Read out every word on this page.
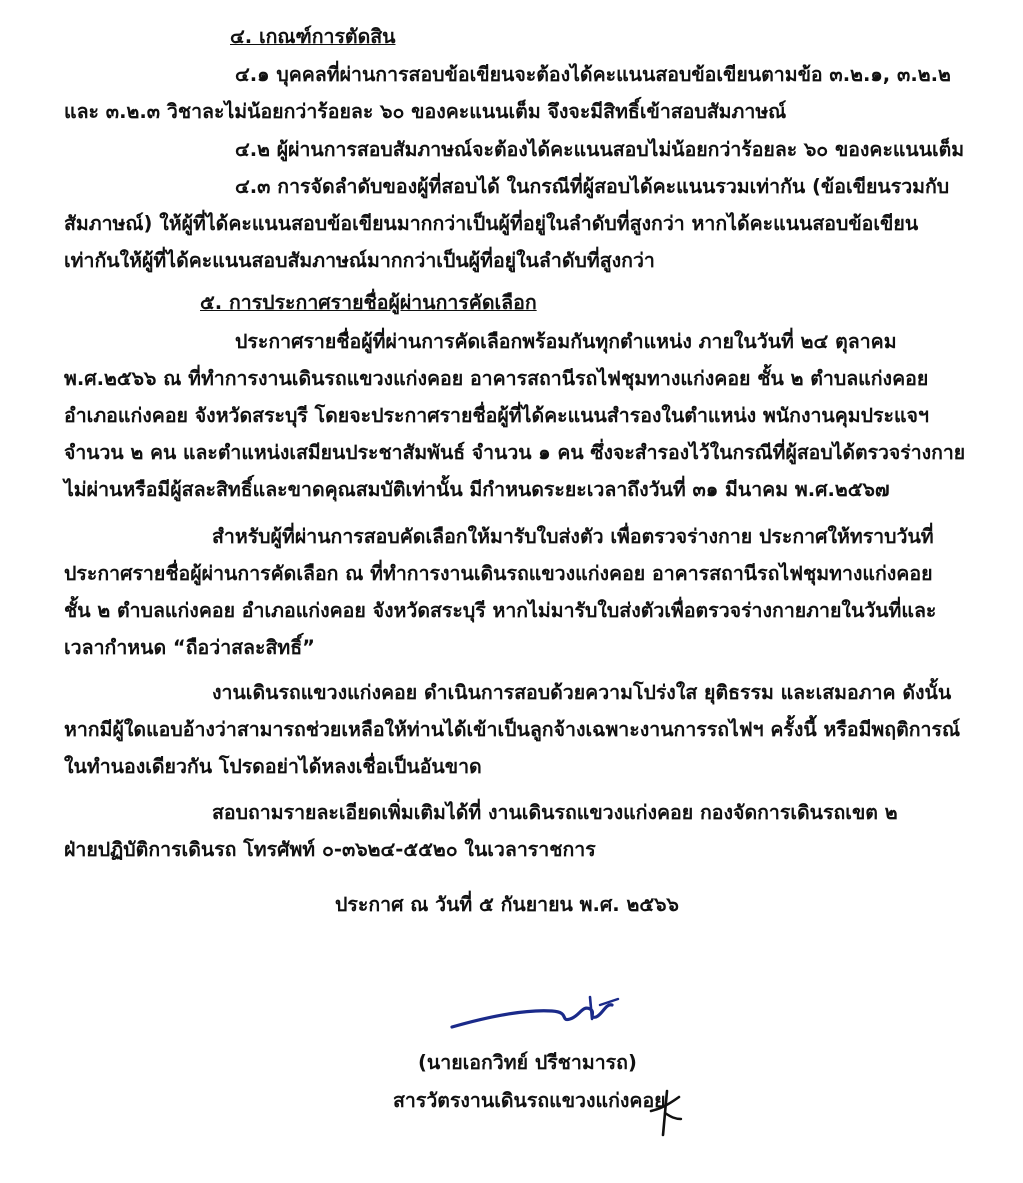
๔. เกณฑ์การตัดสิน
๔.๑ บุคคลที่ผ่านการสอบข้อเขียนจะต้องได้คะแนนสอบข้อเขียนตามข้อ ๓.๒.๑, ๓.๒.๒
และ ๓.๒.๓ วิชาละไม่น้อยกว่าร้อยละ ๖๐ ของคะแนนเต็ม จึงจะมีสิทธิ์เข้าสอบสัมภาษณ์
๔.๒ ผู้ผ่านการสอบสัมภาษณ์จะต้องได้คะแนนสอบไม่น้อยกว่าร้อยละ ๖๐ ของคะแนนเต็ม
๔.๓ การจัดลำดับของผู้ที่สอบได้ ในกรณีที่ผู้สอบได้คะแนนรวมเท่ากัน (ข้อเขียนรวมกับ
สัมภาษณ์) ให้ผู้ที่ได้คะแนนสอบข้อเขียนมากกว่าเป็นผู้ที่อยู่ในลำดับที่สูงกว่า หากได้คะแนนสอบข้อเขียน
เท่ากันให้ผู้ที่ได้คะแนนสอบสัมภาษณ์มากกว่าเป็นผู้ที่อยู่ในลำดับที่สูงกว่า
๕. การประกาศรายชื่อผู้ผ่านการคัดเลือก
ประกาศรายชื่อผู้ที่ผ่านการคัดเลือกพร้อมกันทุกตำแหน่ง ภายในวันที่ ๒๔ ตุลาคม
พ.ศ.๒๕๖๖ ณ ที่ทำการงานเดินรถแขวงแก่งคอย อาคารสถานีรถไฟชุมทางแก่งคอย ชั้น ๒ ตำบลแก่งคอย
อำเภอแก่งคอย จังหวัดสระบุรี โดยจะประกาศรายชื่อผู้ที่ได้คะแนนสำรองในตำแหน่ง พนักงานคุมประแจฯ
จำนวน ๒ คน และตำแหน่งเสมียนประชาสัมพันธ์ จำนวน ๑ คน ซึ่งจะสำรองไว้ในกรณีที่ผู้สอบได้ตรวจร่างกาย
ไม่ผ่านหรือมีผู้สละสิทธิ์และขาดคุณสมบัติเท่านั้น มีกำหนดระยะเวลาถึงวันที่ ๓๑ มีนาคม พ.ศ.๒๕๖๗
สำหรับผู้ที่ผ่านการสอบคัดเลือกให้มารับใบส่งตัว เพื่อตรวจร่างกาย ประกาศให้ทราบวันที่
ประกาศรายชื่อผู้ผ่านการคัดเลือก ณ ที่ทำการงานเดินรถแขวงแก่งคอย อาคารสถานีรถไฟชุมทางแก่งคอย
ชั้น ๒ ตำบลแก่งคอย อำเภอแก่งคอย จังหวัดสระบุรี หากไม่มารับใบส่งตัวเพื่อตรวจร่างกายภายในวันที่และ
เวลากำหนด “ถือว่าสละสิทธิ์”
งานเดินรถแขวงแก่งคอย ดำเนินการสอบด้วยความโปร่งใส ยุติธรรม และเสมอภาค ดังนั้น
หากมีผู้ใดแอบอ้างว่าสามารถช่วยเหลือให้ท่านได้เข้าเป็นลูกจ้างเฉพาะงานการรถไฟฯ ครั้งนี้ หรือมีพฤติการณ์
ในทำนองเดียวกัน โปรดอย่าได้หลงเชื่อเป็นอันขาด
สอบถามรายละเอียดเพิ่มเติมได้ที่ งานเดินรถแขวงแก่งคอย กองจัดการเดินรถเขต ๒
ฝ่ายปฏิบัติการเดินรถ โทรศัพท์ ๐-๓๖๒๔-๕๕๒๐ ในเวลาราชการ
ประกาศ ณ วันที่ ๕ กันยายน พ.ศ. ๒๕๖๖
(นายเอกวิทย์ ปรีชามารถ)
สารวัตรงานเดินรถแขวงแก่งคอย
